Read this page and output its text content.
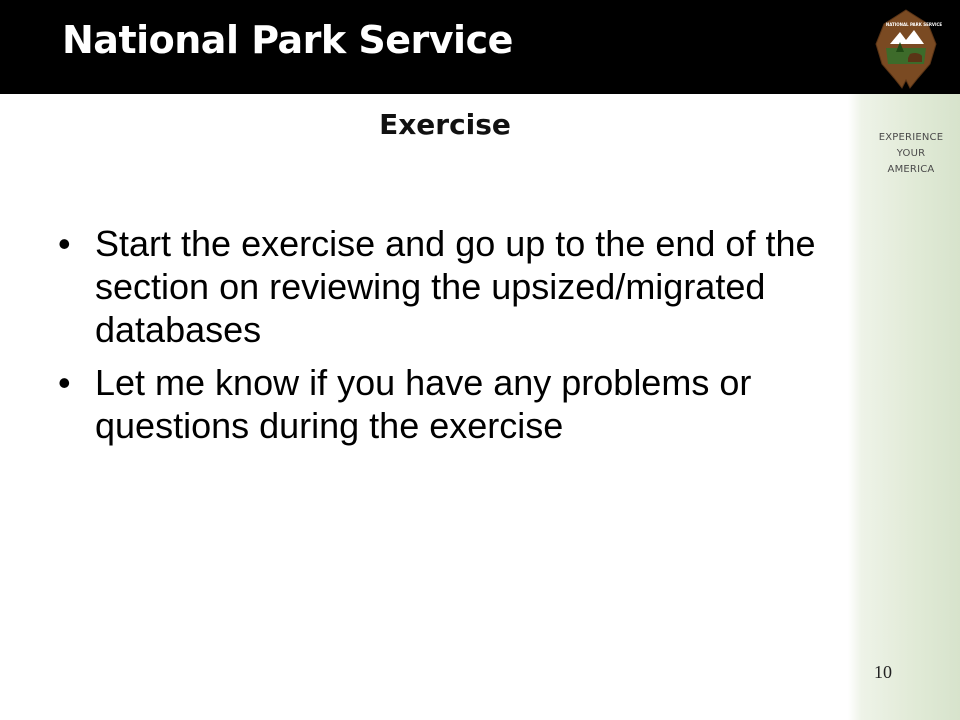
National Park Service	NATIONAL PARK SERVICE
EXPERIENCE
YOUR
AMERICA
Exercise
• Start the exercise and go up to the end of the section on reviewing the upsized/migrated databases
• Let me know if you have any problems or questions during the exercise
10
